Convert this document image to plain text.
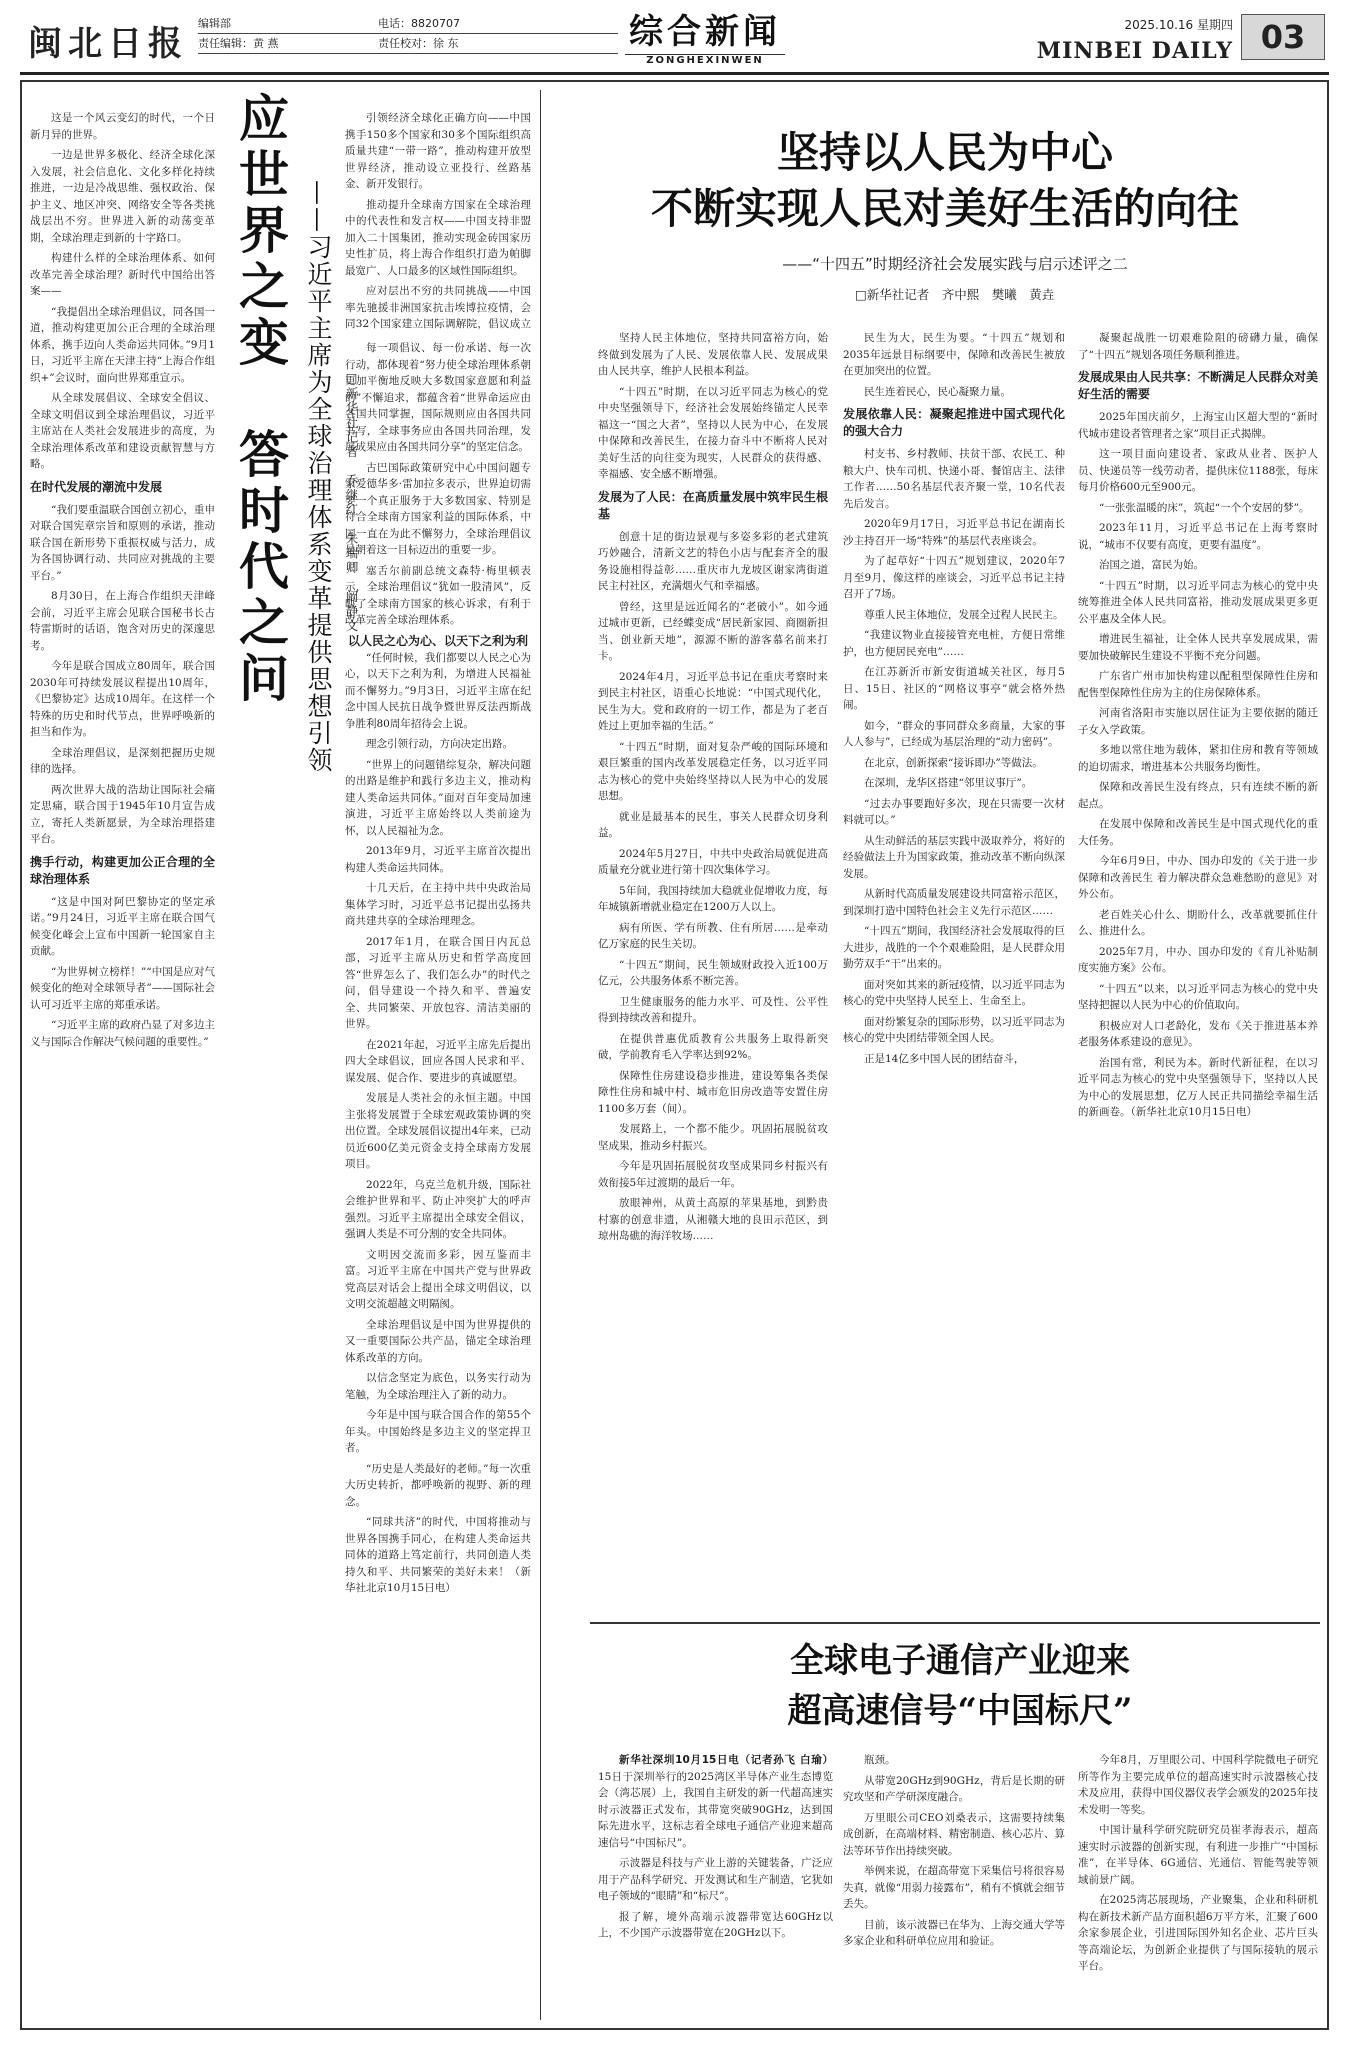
闽北日报
编辑部	电话：8820707
责任编辑：黄 燕	责任校对：徐 东	综合新闻
ZONGHEXINWEN
2025.10.16 星期四
MINBEI DAILY 03
应世界之变　答时代之问 ——习近平主席为全球治理体系变革提供思想引领 □新华社记者　乔继红　朱瑞卿　阚静文

这是一个风云变幻的时代，一个日新月异的世界。

一边是世界多极化、经济全球化深入发展，社会信息化、文化多样化持续推进，一边是冷战思维、强权政治、保护主义、地区冲突、网络安全等各类挑战层出不穷。世界进入新的动荡变革期，全球治理走到新的十字路口。

构建什么样的全球治理体系、如何改革完善全球治理？新时代中国给出答案——

“我提倡出全球治理倡议，同各国一道，推动构建更加公正合理的全球治理体系，携手迈向人类命运共同体。”9月1日，习近平主席在天津主持“上海合作组织+”会议时，面向世界郑重宣示。

从全球发展倡议、全球安全倡议、全球文明倡议到全球治理倡议，习近平主席站在人类社会发展进步的高度，为全球治理体系改革和建设贡献智慧与方略。

在时代发展的潮流中发展

“我们要重温联合国创立初心，重申对联合国宪章宗旨和原则的承诺，推动联合国在新形势下重振权威与活力，成为各国协调行动、共同应对挑战的主要平台。”

8月30日，在上海合作组织天津峰会前，习近平主席会见联合国秘书长古特雷斯时的话语，饱含对历史的深邃思考。

今年是联合国成立80周年，联合国2030年可持续发展议程提出10周年，《巴黎协定》达成10周年。在这样一个特殊的历史和时代节点，世界呼唤新的担当和作为。

全球治理倡议，是深刻把握历史规律的选择。

两次世界大战的浩劫让国际社会痛定思痛，联合国于1945年10月宣告成立，寄托人类新愿景，为全球治理搭建平台。

携手行动，构建更加公正合理的全球治理体系

“这是中国对阿巴黎协定的坚定承诺。”9月24日，习近平主席在联合国气候变化峰会上宣布中国新一轮国家自主贡献。

“为世界树立榜样！”“中国是应对气候变化的绝对全球领导者”——国际社会认可习近平主席的郑重承诺。

“习近平主席的政府凸显了对多边主义与国际合作解决气候问题的重要性。”

引领经济全球化正确方向——中国携手150多个国家和30多个国际组织高质量共建“一带一路”，推动构建开放型世界经济，推动设立亚投行、丝路基金、新开发银行。

推动提升全球南方国家在全球治理中的代表性和发言权——中国支持非盟加入二十国集团，推动实现金砖国家历史性扩员，将上海合作组织打造为帕脚最宽广、人口最多的区域性国际组织。

应对层出不穷的共同挑战——中国率先驰援非洲国家抗击埃博拉疫情，会同32个国家建立国际调解院，倡议成立

每一项倡议、每一份承诺、每一次行动，都体现着“努力使全球治理体系朝更加平衡地反映大多数国家意愿和利益的”不懈追求，都蕴含着“世界命运应由各国共同掌握，国际规则应由各国共同书写，全球事务应由各国共同治理，发展成果应由各国共同分享”的坚定信念。

古巴国际政策研究中心中国问题专家爱德华多·雷加拉多表示，世界迫切需要一个真正服务于大多数国家、特别是符合全球南方国家利益的国际体系，中国一直在为此不懈努力，全球治理倡议是朝着这一目标迈出的重要一步。

塞舌尔前副总统文森特·梅里顿表示，全球治理倡议“犹如一股清风”，反映了全球南方国家的核心诉求，有利于改革完善全球治理体系。

以人民之心为心、以天下之利为利

“任何时候，我们都要以人民之心为心，以天下之利为利，为增进人民福祉而不懈努力。”9月3日，习近平主席在纪念中国人民抗日战争暨世界反法西斯战争胜利80周年招待会上说。

理念引领行动，方向决定出路。

“世界上的问题错综复杂，解决问题的出路是维护和践行多边主义，推动构建人类命运共同体。”面对百年变局加速演进，习近平主席始终以人类前途为怀，以人民福祉为念。

2013年9月，习近平主席首次提出构建人类命运共同体。

十几天后，在主持中共中央政治局集体学习时，习近平总书记提出弘扬共商共建共享的全球治理理念。

2017年1月，在联合国日内瓦总部，习近平主席从历史和哲学高度回答“世界怎么了、我们怎么办”的时代之问，倡导建设一个持久和平、普遍安全、共同繁荣、开放包容、清洁美丽的世界。

在2021年起，习近平主席先后提出四大全球倡议，回应各国人民求和平、谋发展、促合作、要进步的真诚愿望。

发展是人类社会的永恒主题。中国主张将发展置于全球宏观政策协调的突出位置。全球发展倡议提出4年来，已动员近600亿美元资金支持全球南方发展项目。

2022年，乌克兰危机升级，国际社会维护世界和平、防止冲突扩大的呼声强烈。习近平主席提出全球安全倡议，强调人类是不可分割的安全共同体。

文明因交流而多彩，因互鉴而丰富。习近平主席在中国共产党与世界政党高层对话会上提出全球文明倡议，以文明交流超越文明隔阂。

全球治理倡议是中国为世界提供的又一重要国际公共产品，锚定全球治理体系改革的方向。

以信念坚定为底色，以务实行动为笔触，为全球治理注入了新的动力。

今年是中国与联合国合作的第55个年头。中国始终是多边主义的坚定捍卫者。

“历史是人类最好的老师。”每一次重大历史转折，都呼唤新的视野、新的理念。

“同球共济”的时代，中国将推动与世界各国携手同心，在构建人类命运共同体的道路上笃定前行，共同创造人类持久和平、共同繁荣的美好未来！（新华社北京10月15日电）

坚持以人民为中心
不断实现人民对美好生活的向往
——“十四五”时期经济社会发展实践与启示述评之二
□新华社记者　齐中熙　樊曦　黄垚

坚持人民主体地位，坚持共同富裕方向，始终做到发展为了人民、发展依靠人民、发展成果由人民共享，维护人民根本利益。

“十四五”时期，在以习近平同志为核心的党中央坚强领导下，经济社会发展始终锚定人民幸福这一“国之大者”，坚持以人民为中心，在发展中保障和改善民生，在接力奋斗中不断将人民对美好生活的向往变为现实，人民群众的获得感、幸福感、安全感不断增强。

发展为了人民：在高质量发展中筑牢民生根基

创意十足的街边景观与多姿多彩的老式建筑巧妙融合，清新文艺的特色小店与配套齐全的服务设施相得益彰……重庆市九龙坡区谢家湾街道民主村社区，充满烟火气和幸福感。

曾经，这里是远近闻名的“老破小”。如今通过城市更新，已经蝶变成“居民新家园、商圈新担当、创业新天地”，源源不断的游客慕名前来打卡。

2024年4月，习近平总书记在重庆考察时来到民主村社区，语重心长地说：“中国式现代化，民生为大。党和政府的一切工作，都是为了老百姓过上更加幸福的生活。”

“十四五”时期，面对复杂严峻的国际环境和艰巨繁重的国内改革发展稳定任务，以习近平同志为核心的党中央始终坚持以人民为中心的发展思想。

就业是最基本的民生，事关人民群众切身利益。

2024年5月27日，中共中央政治局就促进高质量充分就业进行第十四次集体学习。

5年间，我国持续加大稳就业促增收力度，每年城镇新增就业稳定在1200万人以上。

病有所医、学有所教、住有所居……是牵动亿万家庭的民生关切。

“十四五”期间，民生领域财政投入近100万亿元，公共服务体系不断完善。

卫生健康服务的能力水平、可及性、公平性得到持续改善和提升。

在提供普惠优质教育公共服务上取得新突破，学前教育毛入学率达到92%。

保障性住房建设稳步推进，建设筹集各类保障性住房和城中村、城市危旧房改造等安置住房1100多万套（间）。

发展路上，一个都不能少。巩固拓展脱贫攻坚成果，推动乡村振兴。

今年是巩固拓展脱贫攻坚成果同乡村振兴有效衔接5年过渡期的最后一年。

放眼神州，从黄土高原的苹果基地，到黔贵村寨的创意非遗，从湘赣大地的良田示范区，到琼州岛礁的海洋牧场……

民生为大，民生为要。“十四五”规划和2035年远景目标纲要中，保障和改善民生被放在更加突出的位置。

民生连着民心，民心凝聚力量。

发展依靠人民：凝聚起推进中国式现代化的强大合力

村支书、乡村教师、扶贫干部、农民工、种粮大户、快车司机、快递小哥、餐馆店主、法律工作者……50名基层代表齐聚一堂，10名代表先后发言。

2020年9月17日，习近平总书记在湖南长沙主持召开一场“特殊”的基层代表座谈会。

为了起草好“十四五”规划建议，2020年7月至9月，像这样的座谈会，习近平总书记主持召开了7场。

尊重人民主体地位，发展全过程人民民主。

“我建议物业直接接管充电桩，方便日常维护，也方便居民充电”……

在江苏新沂市新安街道城关社区，每月5日、15日、社区的“网格议事亭”就会格外热闹。

如今，“群众的事同群众多商量，大家的事人人参与”，已经成为基层治理的“动力密码”。

在北京，创新探索“接诉即办”等做法。

在深圳，龙华区搭建“邻里议事厅”。

“过去办事要跑好多次，现在只需要一次材料就可以。”

从生动鲜活的基层实践中汲取养分，将好的经验做法上升为国家政策，推动改革不断向纵深发展。

从新时代高质量发展建设共同富裕示范区，到深圳打造中国特色社会主义先行示范区……

“十四五”期间，我国经济社会发展取得的巨大进步，战胜的一个个艰难险阻，是人民群众用勤劳双手“干”出来的。

面对突如其来的新冠疫情，以习近平同志为核心的党中央坚持人民至上、生命至上。

面对纷繁复杂的国际形势，以习近平同志为核心的党中央团结带领全国人民。

正是14亿多中国人民的团结奋斗，

凝聚起战胜一切艰难险阻的磅礴力量，确保了“十四五”规划各项任务顺利推进。

发展成果由人民共享：不断满足人民群众对美好生活的需要

2025年国庆前夕，上海宝山区超大型的“新时代城市建设者管理者之家”项目正式揭牌。

这一项目面向建设者、家政从业者、医护人员、快递员等一线劳动者，提供床位1188张，每床每月价格600元至900元。

“一张张温暖的床”，筑起“一个个安居的梦”。

2023年11月，习近平总书记在上海考察时说，“城市不仅要有高度，更要有温度”。

治国之道，富民为始。

“十四五”时期，以习近平同志为核心的党中央统筹推进全体人民共同富裕，推动发展成果更多更公平惠及全体人民。

增进民生福祉，让全体人民共享发展成果，需要加快破解民生建设不平衡不充分问题。

广东省广州市加快构建以配租型保障性住房和配售型保障性住房为主的住房保障体系。

河南省洛阳市实施以居住证为主要依据的随迁子女入学政策。

多地以常住地为载体，紧扣住房和教育等领域的迫切需求，增进基本公共服务均衡性。

保障和改善民生没有终点，只有连续不断的新起点。

在发展中保障和改善民生是中国式现代化的重大任务。

今年6月9日，中办、国办印发的《关于进一步保障和改善民生 着力解决群众急难愁盼的意见》对外公布。

老百姓关心什么、期盼什么，改革就要抓住什么、推进什么。

2025年7月，中办、国办印发的《育儿补贴制度实施方案》公布。

“十四五”以来，以习近平同志为核心的党中央坚持把握以人民为中心的价值取向。

积极应对人口老龄化，发布《关于推进基本养老服务体系建设的意见》。

治国有常，利民为本。新时代新征程，在以习近平同志为核心的党中央坚强领导下，坚持以人民为中心的发展思想，亿万人民正共同描绘幸福生活的新画卷。（新华社北京10月15日电）

全球电子通信产业迎来
超高速信号“中国标尺”

新华社深圳10月15日电（记者孙飞 白瑜）15日于深圳举行的2025湾区半导体产业生态博览会（湾芯展）上，我国自主研发的新一代超高速实时示波器正式发布，其带宽突破90GHz，达到国际先进水平，这标志着全球电子通信产业迎来超高速信号“中国标尺”。

示波器是科技与产业上游的关键装备，广泛应用于产品科学研究、开发测试和生产制造，它犹如电子领域的“眼睛”和“标尺”。

报了解，境外高端示波器带宽达60GHz以上，不少国产示波器带宽在20GHz以下。

瓶颈。

从带宽20GHz到90GHz，背后是长期的研究攻坚和产学研深度融合。

万里眼公司CEO刘桑表示，这需要持续集成创新，在高端材料、精密制造、核心芯片、算法等环节作出持续突破。

举例来说，在超高带宽下采集信号将很容易失真，就像“用弱力接露布”，稍有不慎就会细节丢失。

目前，该示波器已在华为、上海交通大学等多家企业和科研单位应用和验证。

今年8月，万里眼公司、中国科学院微电子研究所等作为主要完成单位的超高速实时示波器核心技术及应用，获得中国仪器仪表学会颁发的2025年技术发明一等奖。

中国计量科学研究院研究员崔孝海表示，超高速实时示波器的创新实现，有利进一步推广“中国标准”，在半导体、6G通信、光通信、智能驾驶等领域前景广阔。

在2025湾芯展现场，产业聚集，企业和科研机构在新技术新产品方面积超6万平方米，汇聚了600余家参展企业，引进国际国外知名企业、芯片巨头等高端论坛，为创新企业提供了与国际接轨的展示平台。
